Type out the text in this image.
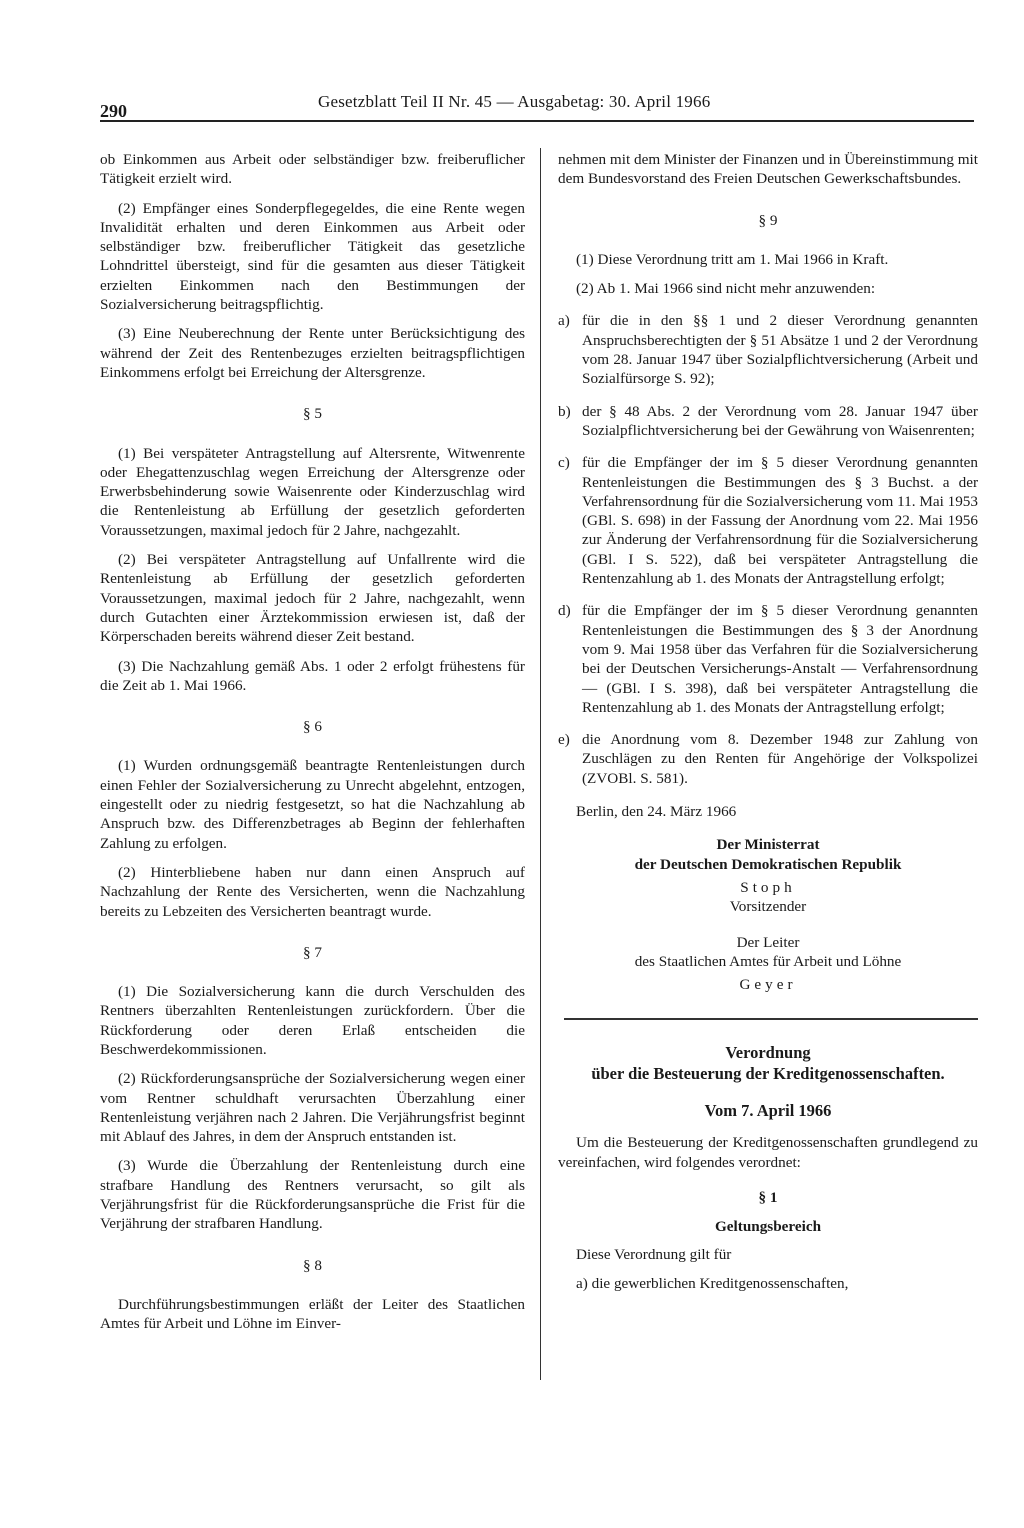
290	Gesetzblatt Teil II Nr. 45 — Ausgabetag: 30. April 1966

ob Einkommen aus Arbeit oder selbständiger bzw. freiberuflicher Tätigkeit erzielt wird.

(2) Empfänger eines Sonderpflegegeldes, die eine Rente wegen Invalidität erhalten und deren Einkommen aus Arbeit oder selbständiger bzw. freiberuflicher Tätigkeit das gesetzliche Lohndrittel übersteigt, sind für die gesamten aus dieser Tätigkeit erzielten Einkommen nach den Bestimmungen der Sozialversicherung beitragspflichtig.

(3) Eine Neuberechnung der Rente unter Berücksichtigung des während der Zeit des Rentenbezuges erzielten beitragspflichtigen Einkommens erfolgt bei Erreichung der Altersgrenze.

§ 5

(1) Bei verspäteter Antragstellung auf Altersrente, Witwenrente oder Ehegattenzuschlag wegen Erreichung der Altersgrenze oder Erwerbsbehinderung sowie Waisenrente oder Kinderzuschlag wird die Rentenleistung ab Erfüllung der gesetzlich geforderten Voraussetzungen, maximal jedoch für 2 Jahre, nachgezahlt.

(2) Bei verspäteter Antragstellung auf Unfallrente wird die Rentenleistung ab Erfüllung der gesetzlich geforderten Voraussetzungen, maximal jedoch für 2 Jahre, nachgezahlt, wenn durch Gutachten einer Ärztekommission erwiesen ist, daß der Körperschaden bereits während dieser Zeit bestand.

(3) Die Nachzahlung gemäß Abs. 1 oder 2 erfolgt frühestens für die Zeit ab 1. Mai 1966.

§ 6

(1) Wurden ordnungsgemäß beantragte Rentenleistungen durch einen Fehler der Sozialversicherung zu Unrecht abgelehnt, entzogen, eingestellt oder zu niedrig festgesetzt, so hat die Nachzahlung ab Anspruch bzw. des Differenzbetrages ab Beginn der fehlerhaften Zahlung zu erfolgen.

(2) Hinterbliebene haben nur dann einen Anspruch auf Nachzahlung der Rente des Versicherten, wenn die Nachzahlung bereits zu Lebzeiten des Versicherten beantragt wurde.

§ 7

(1) Die Sozialversicherung kann die durch Verschulden des Rentners überzahlten Rentenleistungen zurückfordern. Über die Rückforderung oder deren Erlaß entscheiden die Beschwerdekommissionen.

(2) Rückforderungsansprüche der Sozialversicherung wegen einer vom Rentner schuldhaft verursachten Überzahlung einer Rentenleistung verjähren nach 2 Jahren. Die Verjährungsfrist beginnt mit Ablauf des Jahres, in dem der Anspruch entstanden ist.

(3) Wurde die Überzahlung der Rentenleistung durch eine strafbare Handlung des Rentners verursacht, so gilt als Verjährungsfrist für die Rückforderungsansprüche die Frist für die Verjährung der strafbaren Handlung.

§ 8

Durchführungsbestimmungen erläßt der Leiter des Staatlichen Amtes für Arbeit und Löhne im Einver-

nehmen mit dem Minister der Finanzen und in Übereinstimmung mit dem Bundesvorstand des Freien Deutschen Gewerkschaftsbundes.

§ 9

(1) Diese Verordnung tritt am 1. Mai 1966 in Kraft.

(2) Ab 1. Mai 1966 sind nicht mehr anzuwenden:

a) für die in den §§ 1 und 2 dieser Verordnung genannten Anspruchsberechtigten der § 51 Absätze 1 und 2 der Verordnung vom 28. Januar 1947 über Sozialpflichtversicherung (Arbeit und Sozialfürsorge S. 92);
b) der § 48 Abs. 2 der Verordnung vom 28. Januar 1947 über Sozialpflichtversicherung bei der Gewährung von Waisenrenten;
c) für die Empfänger der im § 5 dieser Verordnung genannten Rentenleistungen die Bestimmungen des § 3 Buchst. a der Verfahrensordnung für die Sozialversicherung vom 11. Mai 1953 (GBl. S. 698) in der Fassung der Anordnung vom 22. Mai 1956 zur Änderung der Verfahrensordnung für die Sozialversicherung (GBl. I S. 522), daß bei verspäteter Antragstellung die Rentenzahlung ab 1. des Monats der Antragstellung erfolgt;
d) für die Empfänger der im § 5 dieser Verordnung genannten Rentenleistungen die Bestimmungen des § 3 der Anordnung vom 9. Mai 1958 über das Verfahren für die Sozialversicherung bei der Deutschen Versicherungs-Anstalt — Verfahrensordnung — (GBl. I S. 398), daß bei verspäteter Antragstellung die Rentenzahlung ab 1. des Monats der Antragstellung erfolgt;
e) die Anordnung vom 8. Dezember 1948 zur Zahlung von Zuschlägen zu den Renten für Angehörige der Volkspolizei (ZVOBl. S. 581).

Berlin, den 24. März 1966

Der Ministerrat
der Deutschen Demokratischen Republik
Stoph
Vorsitzender
Der Leiter
des Staatlichen Amtes für Arbeit und Löhne
Geyer
Verordnung
über die Besteuerung der Kreditgenossenschaften.
Vom 7. April 1966

Um die Besteuerung der Kreditgenossenschaften grundlegend zu vereinfachen, wird folgendes verordnet:

§ 1
Geltungsbereich

Diese Verordnung gilt für

a) die gewerblichen Kreditgenossenschaften,
